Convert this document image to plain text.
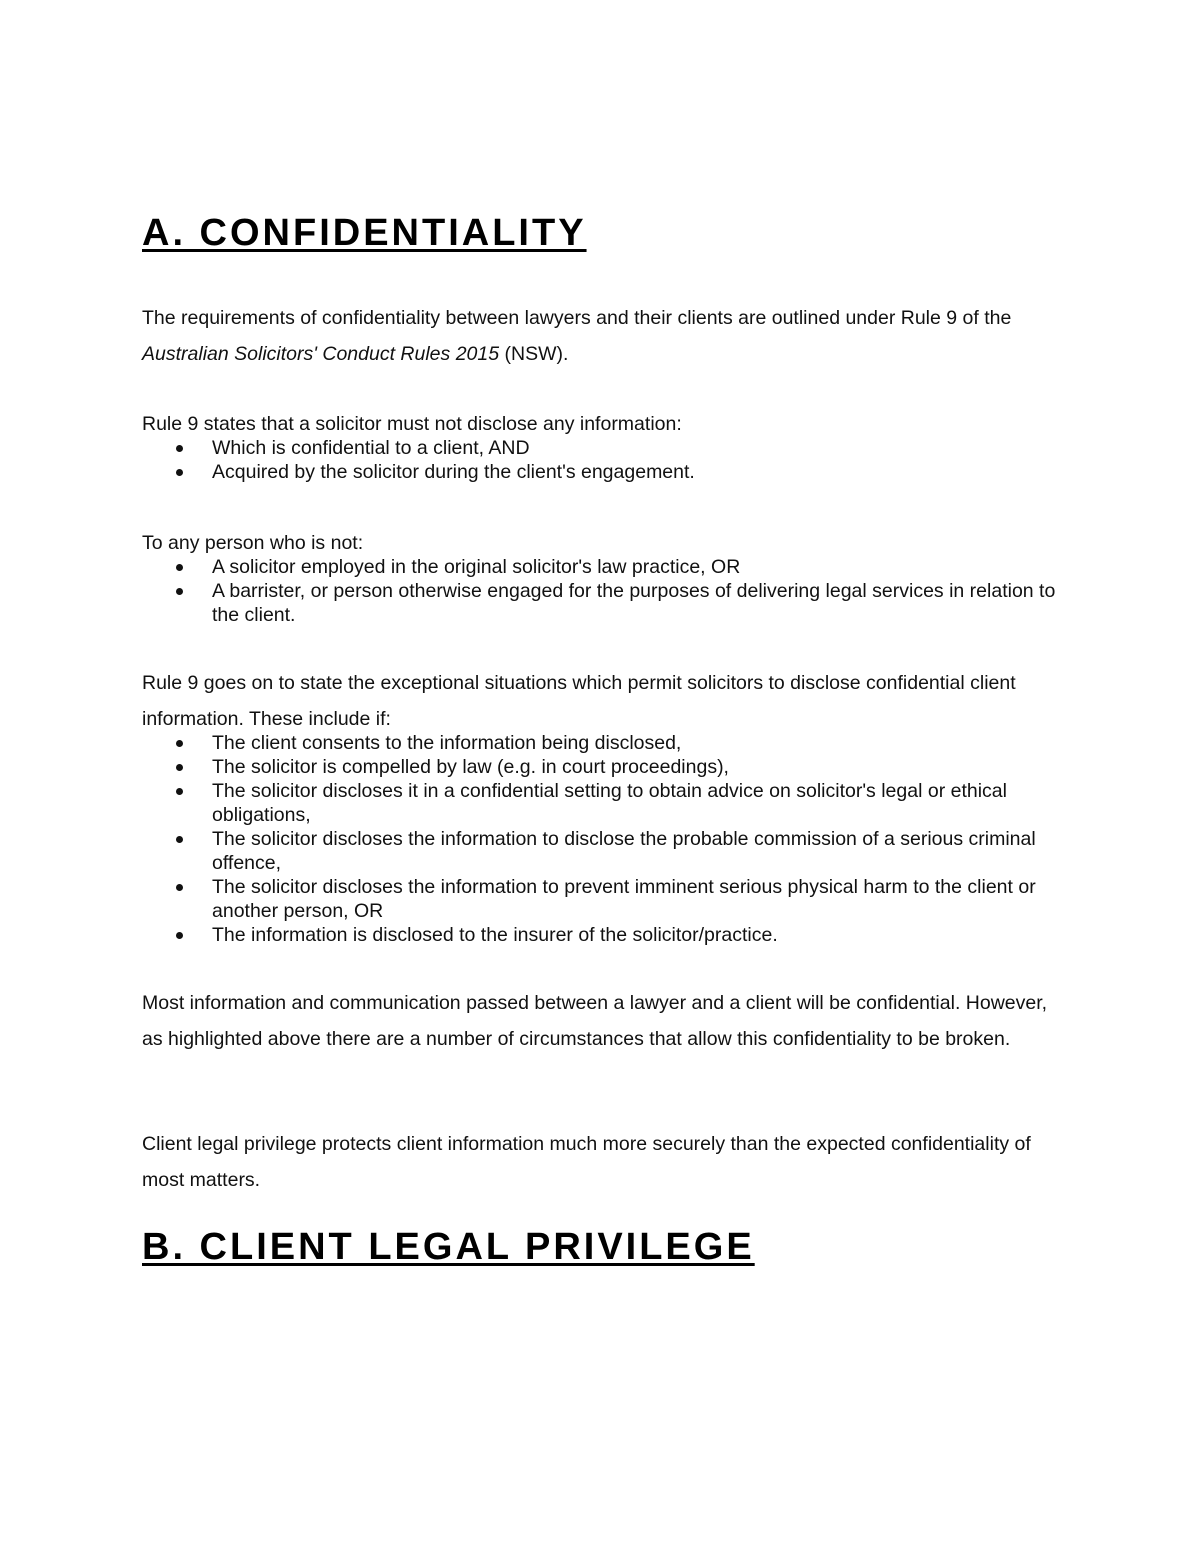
A. CONFIDENTIALITY

The requirements of confidentiality between lawyers and their clients are outlined under Rule 9 of the Australian Solicitors' Conduct Rules 2015 (NSW).

Rule 9 states that a solicitor must not disclose any information:

Which is confidential to a client, AND
Acquired by the solicitor during the client's engagement.

To any person who is not:

A solicitor employed in the original solicitor's law practice, OR
A barrister, or person otherwise engaged for the purposes of delivering legal services in relation to the client.

Rule 9 goes on to state the exceptional situations which permit solicitors to disclose confidential client information. These include if:

The client consents to the information being disclosed,
The solicitor is compelled by law (e.g. in court proceedings),
The solicitor discloses it in a confidential setting to obtain advice on solicitor's legal or ethical obligations,
The solicitor discloses the information to disclose the probable commission of a serious criminal offence,
The solicitor discloses the information to prevent imminent serious physical harm to the client or another person, OR
The information is disclosed to the insurer of the solicitor/practice.

Most information and communication passed between a lawyer and a client will be confidential. However, as highlighted above there are a number of circumstances that allow this confidentiality to be broken.

Client legal privilege protects client information much more securely than the expected confidentiality of most matters.

B. CLIENT LEGAL PRIVILEGE
